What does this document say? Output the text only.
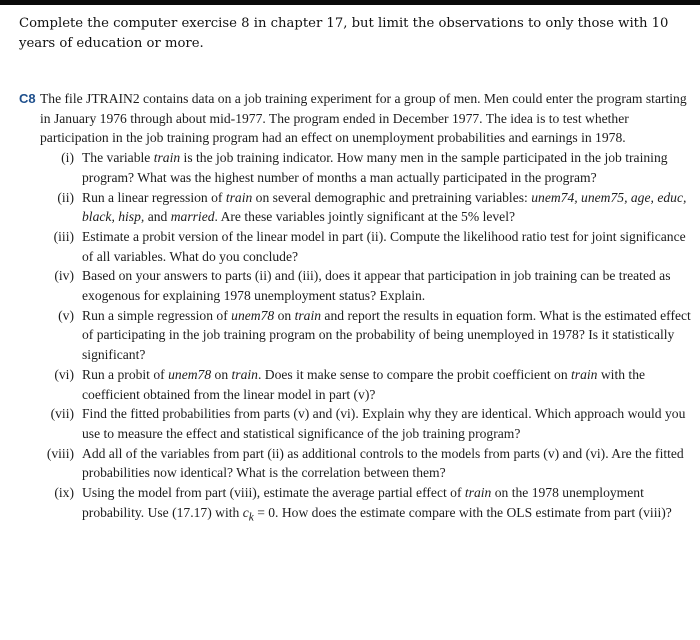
Complete the computer exercise 8 in chapter 17, but limit the observations to only those with 10 years of education or more.
C8 The file JTRAIN2 contains data on a job training experiment for a group of men. Men could enter the program starting in January 1976 through about mid-1977. The program ended in December 1977. The idea is to test whether participation in the job training program had an effect on unemployment probabilities and earnings in 1978.
(i) The variable train is the job training indicator. How many men in the sample participated in the job training program? What was the highest number of months a man actually participated in the program?
(ii) Run a linear regression of train on several demographic and pretraining variables: unem74, unem75, age, educ, black, hisp, and married. Are these variables jointly significant at the 5% level?
(iii) Estimate a probit version of the linear model in part (ii). Compute the likelihood ratio test for joint significance of all variables. What do you conclude?
(iv) Based on your answers to parts (ii) and (iii), does it appear that participation in job training can be treated as exogenous for explaining 1978 unemployment status? Explain.
(v) Run a simple regression of unem78 on train and report the results in equation form. What is the estimated effect of participating in the job training program on the probability of being unemployed in 1978? Is it statistically significant?
(vi) Run a probit of unem78 on train. Does it make sense to compare the probit coefficient on train with the coefficient obtained from the linear model in part (v)?
(vii) Find the fitted probabilities from parts (v) and (vi). Explain why they are identical. Which approach would you use to measure the effect and statistical significance of the job training program?
(viii) Add all of the variables from part (ii) as additional controls to the models from parts (v) and (vi). Are the fitted probabilities now identical? What is the correlation between them?
(ix) Using the model from part (viii), estimate the average partial effect of train on the 1978 unemployment probability. Use (17.17) with $c_k = 0$. How does the estimate compare with the OLS estimate from part (viii)?
